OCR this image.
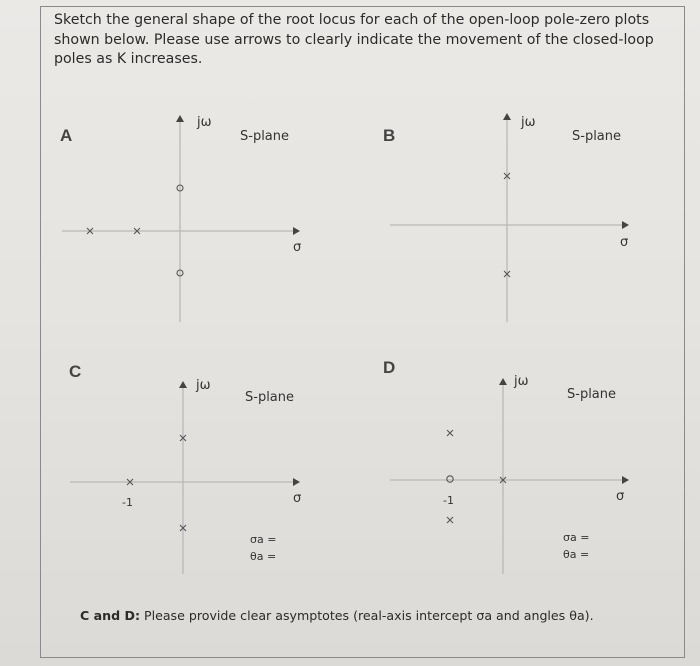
Sketch the general shape of the root locus for each of the open-loop pole-zero plots shown below. Please use arrows to clearly indicate the movement of the closed-loop poles as K increases.

A
jω
S-plane
σ
B
jω
S-plane
σ
C
jω
S-plane
σ
-1
σa =
θa =
D
jω
S-plane
σ
-1
σa =
θa =
C and D: Please provide clear asymptotes (real-axis intercept σa and angles θa).
